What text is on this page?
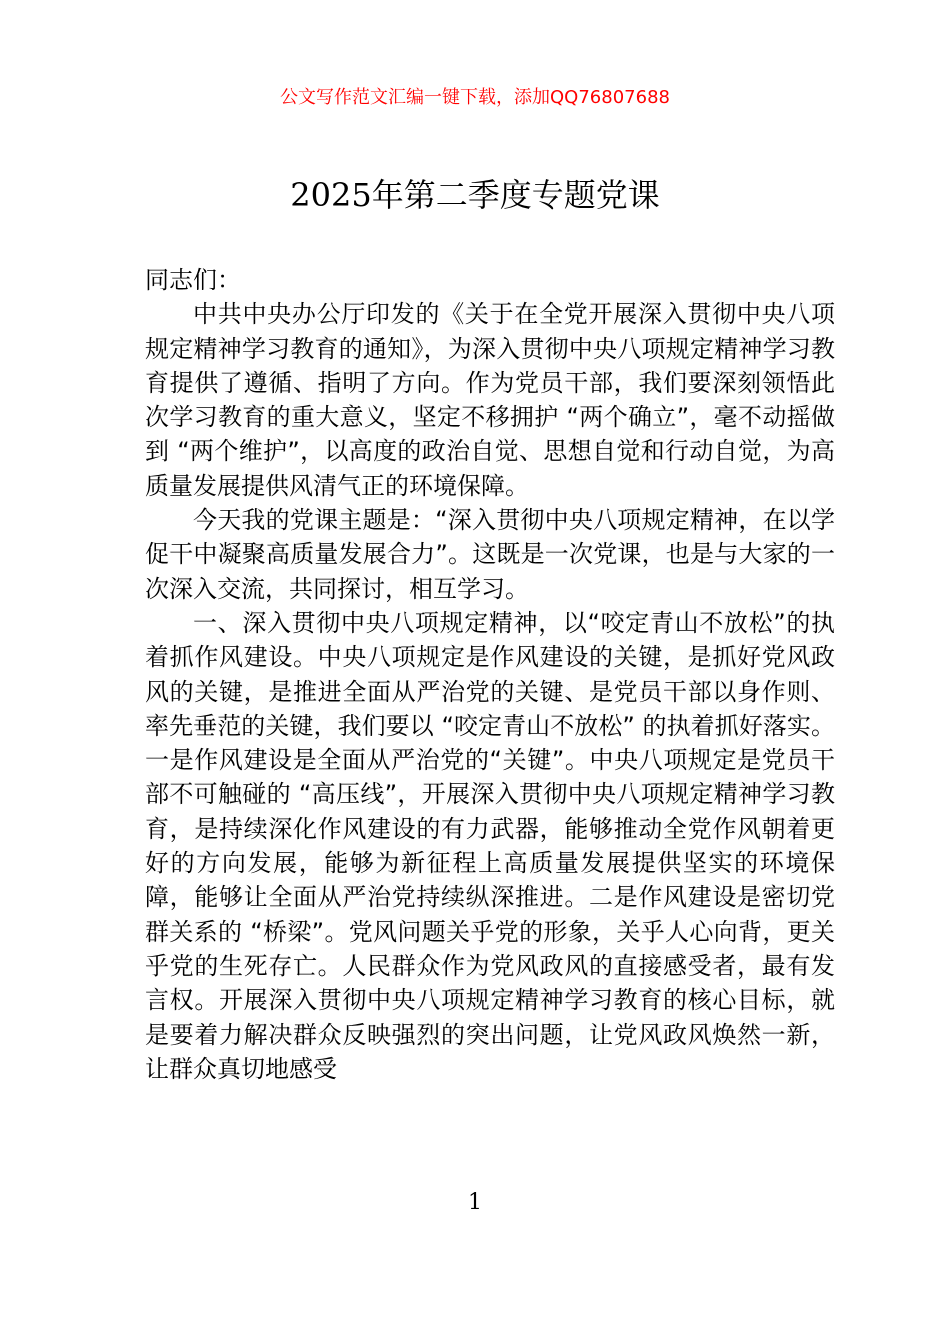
公文写作范文汇编一键下载，添加QQ76807688
2025年第二季度专题党课

同志们：

中共中央办公厅印发的《关于在全党开展深入贯彻中央八项规定精神学习教育的通知》，为深入贯彻中央八项规定精神学习教育提供了遵循、指明了方向。作为党员干部，我们要深刻领悟此次学习教育的重大意义，坚定不移拥护 “两个确立”，毫不动摇做到 “两个维护”，以高度的政治自觉、思想自觉和行动自觉，为高质量发展提供风清气正的环境保障。

今天我的党课主题是：“深入贯彻中央八项规定精神，在以学促干中凝聚高质量发展合力”。这既是一次党课，也是与大家的一次深入交流，共同探讨，相互学习。

一、深入贯彻中央八项规定精神，以“咬定青山不放松”的执着抓作风建设。中央八项规定是作风建设的关键，是抓好党风政风的关键，是推进全面从严治党的关键、是党员干部以身作则、率先垂范的关键，我们要以 “咬定青山不放松” 的执着抓好落实。一是作风建设是全面从严治党的“关键”。中央八项规定是党员干部不可触碰的 “高压线”，开展深入贯彻中央八项规定精神学习教育，是持续深化作风建设的有力武器，能够推动全党作风朝着更好的方向发展，能够为新征程上高质量发展提供坚实的环境保障，能够让全面从严治党持续纵深推进。二是作风建设是密切党群关系的 “桥梁”。党风问题关乎党的形象，关乎人心向背，更关乎党的生死存亡。人民群众作为党风政风的直接感受者，最有发言权。开展深入贯彻中央八项规定精神学习教育的核心目标，就是要着力解决群众反映强烈的突出问题，让党风政风焕然一新，让群众真切地感受

1
